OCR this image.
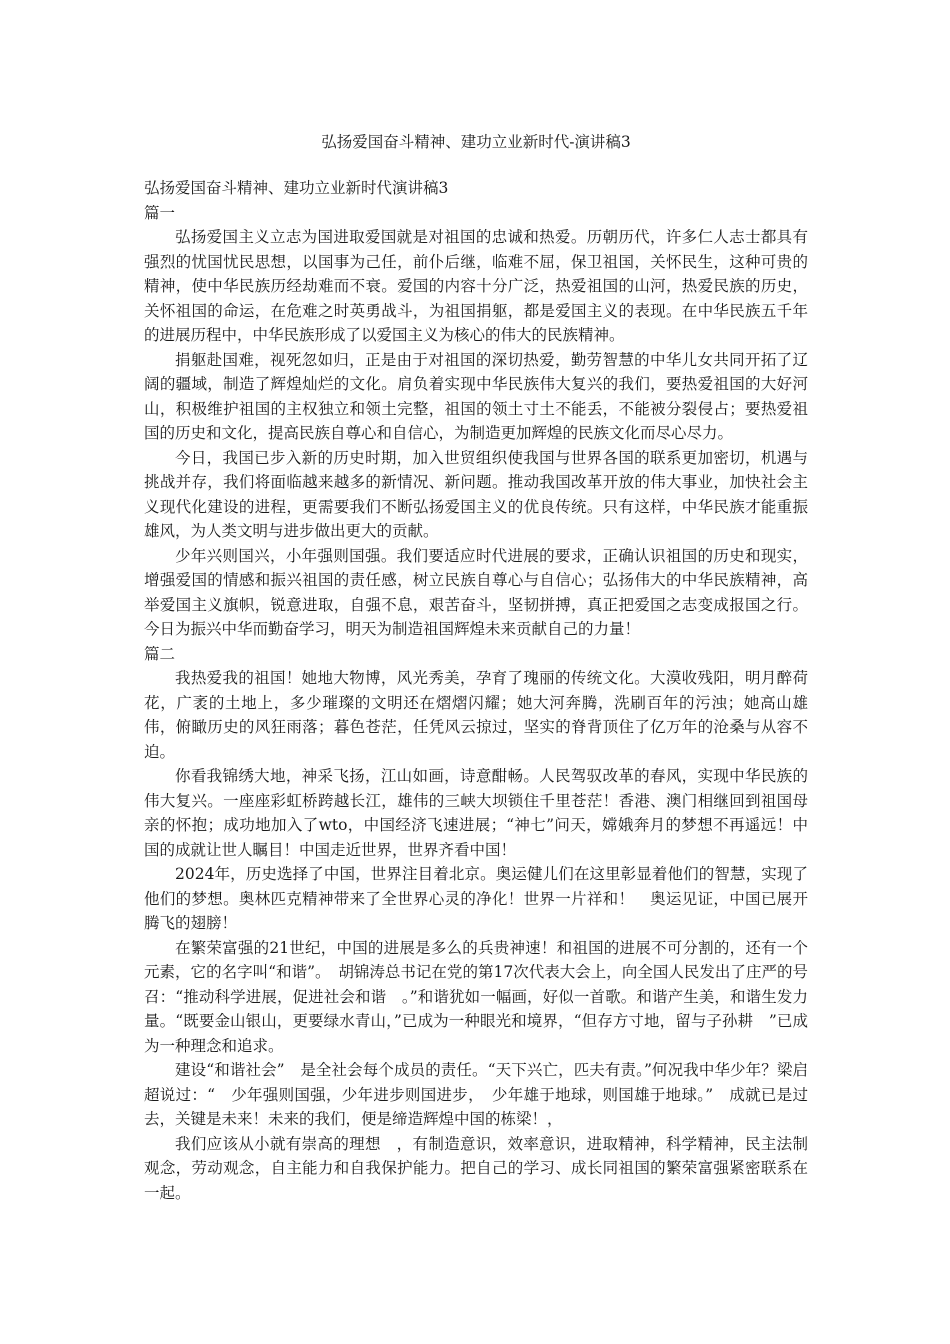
弘扬爱国奋斗精神、建功立业新时代-演讲稿3

弘扬爱国奋斗精神、建功立业新时代演讲稿3

篇一

弘扬爱国主义立志为国进取爱国就是对祖国的忠诚和热爱。历朝历代，许多仁人志士都具有强烈的忧国忧民思想，以国事为己任，前仆后继，临难不屈，保卫祖国，关怀民生，这种可贵的精神，使中华民族历经劫难而不衰。爱国的内容十分广泛，热爱祖国的山河，热爱民族的历史，关怀祖国的命运，在危难之时英勇战斗，为祖国捐躯，都是爱国主义的表现。在中华民族五千年的进展历程中，中华民族形成了以爱国主义为核心的伟大的民族精神。

捐躯赴国难，视死忽如归，正是由于对祖国的深切热爱，勤劳智慧的中华儿女共同开拓了辽阔的疆域，制造了辉煌灿烂的文化。肩负着实现中华民族伟大复兴的我们，要热爱祖国的大好河山，积极维护祖国的主权独立和领土完整，祖国的领土寸土不能丢，不能被分裂侵占；要热爱祖国的历史和文化，提高民族自尊心和自信心，为制造更加辉煌的民族文化而尽心尽力。

今日，我国已步入新的历史时期，加入世贸组织使我国与世界各国的联系更加密切，机遇与挑战并存，我们将面临越来越多的新情况、新问题。推动我国改革开放的伟大事业，加快社会主义现代化建设的进程，更需要我们不断弘扬爱国主义的优良传统。只有这样，中华民族才能重振雄风，为人类文明与进步做出更大的贡献。

少年兴则国兴，小年强则国强。我们要适应时代进展的要求，正确认识祖国的历史和现实，增强爱国的情感和振兴祖国的责任感，树立民族自尊心与自信心；弘扬伟大的中华民族精神，高举爱国主义旗帜，锐意进取，自强不息，艰苦奋斗，坚韧拼搏，真正把爱国之志变成报国之行。今日为振兴中华而勤奋学习，明天为制造祖国辉煌未来贡献自己的力量！

篇二

我热爱我的祖国！她地大物博，风光秀美，孕育了瑰丽的传统文化。大漠收残阳，明月醉荷花，广袤的土地上，多少璀璨的文明还在熠熠闪耀；她大河奔腾，洗刷百年的污浊；她高山雄伟，俯瞰历史的风狂雨落；暮色苍茫，任凭风云掠过，坚实的脊背顶住了亿万年的沧桑与从容不迫。

你看我锦绣大地，神采飞扬，江山如画，诗意酣畅。人民驾驭改革的春风，实现中华民族的伟大复兴。一座座彩虹桥跨越长江，雄伟的三峡大坝锁住千里苍茫！香港、澳门相继回到祖国母亲的怀抱；成功地加入了wto，中国经济飞速进展；“神七”问天，嫦娥奔月的梦想不再遥远！中国的成就让世人瞩目！中国走近世界，世界齐看中国！

2024年，历史选择了中国，世界注目着北京。奥运健儿们在这里彰显着他们的智慧，实现了他们的梦想。奥林匹克精神带来了全世界心灵的净化！世界一片祥和！　奥运见证，中国已展开腾飞的翅膀！

在繁荣富强的21世纪，中国的进展是多么的兵贵神速！和祖国的进展不可分割的，还有一个元素，它的名字叫“和谐”。　胡锦涛总书记在党的第17次代表大会上，向全国人民发出了庄严的号召：“推动科学进展，促进社会和谐　。”和谐犹如一幅画，好似一首歌。和谐产生美，和谐生发力量。“既要金山银山，更要绿水青山，”已成为一种眼光和境界，“但存方寸地，留与子孙耕　”已成为一种理念和追求。

建设“和谐社会”　是全社会每个成员的责任。“天下兴亡，匹夫有责。”何况我中华少年？梁启超说过：“　少年强则国强，少年进步则国进步，　少年雄于地球，则国雄于地球。”　成就已是过去，关键是未来！未来的我们，便是缔造辉煌中国的栋梁！，

我们应该从小就有崇高的理想　，有制造意识，效率意识，进取精神，科学精神，民主法制观念，劳动观念，自主能力和自我保护能力。把自己的学习、成长同祖国的繁荣富强紧密联系在一起。
